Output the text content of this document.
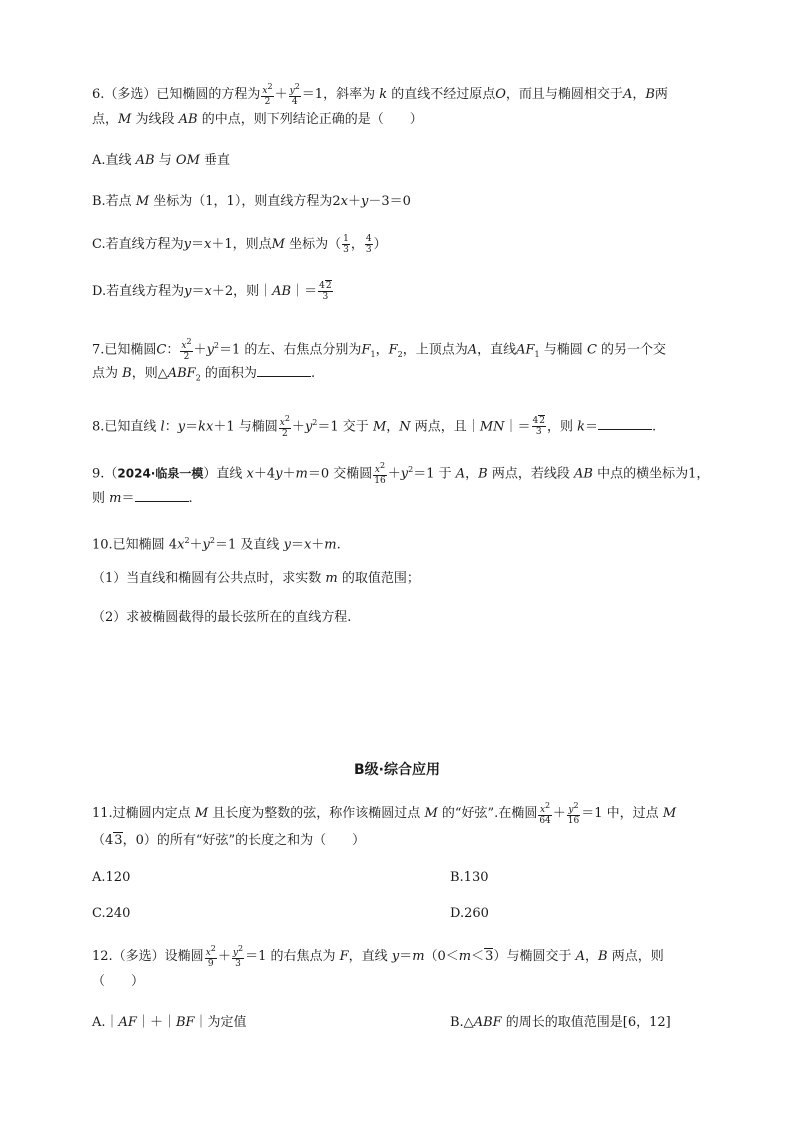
6.（多选）已知椭圆的方程为 $\frac{x^2}{2} + \frac{y^2}{4} =1$，斜率为 k 的直线不经过原点O，而且与椭圆相交于A，B两
点，M 为线段 AB 的中点，则下列结论正确的是（　　）
A.直线 AB 与 OM 垂直
B.若点 M 坐标为（1，1），则直线方程为2x＋y－3＝0
C.若直线方程为y＝x＋1，则点M 坐标为（ $\frac{1}{3}$ ， $\frac{4}{3}$ ）
D.若直线方程为y＝x＋2，则｜AB｜＝ $\frac{42}{3}$
7.已知椭圆C： $\frac{x^2}{2} +y^2=1$ 的左、右焦点分别为$F_1$，$F_2$，上顶点为A，直线$AF_1$ 与椭圆 C 的另一个交
点为 B，则$\triangle ABF_2$ 的面积为	.
8.已知直线 l：y＝kx＋1 与椭圆 $\frac{x^2}{2} +y^2=1$ 交于 M，N 两点，且｜MN｜＝ $\frac{42}{3}$ ，则 k＝	.
9.（2024·临泉一模）直线 x＋4y＋m＝0 交椭圆 $\frac{x^2}{16} +y^2=1$ 于 A，B 两点，若线段 AB 中点的横坐标为1，
则 m＝	.
10.已知椭圆 $4x^2+y^2=1$ 及直线 y＝x＋m.
（1）当直线和椭圆有公共点时，求实数 m 的取值范围；
（2）求被椭圆截得的最长弦所在的直线方程.
B级·综合应用
11.过椭圆内定点 M 且长度为整数的弦，称作该椭圆过点 M 的“好弦”.在椭圆 $\frac{x^2}{64} + \frac{y^2}{16} =1$ 中，过点 M
（43，0）的所有“好弦”的长度之和为（　　）
A.120	B.130
C.240	D.260
12.（多选）设椭圆 $\frac{x^2}{9} + \frac{y^2}{3} =1$ 的右焦点为 F，直线 y＝m（0＜m＜3）与椭圆交于 A，B 两点，则
（　　）
A.｜AF｜＋｜BF｜为定值	B.△ABF 的周长的取值范围是[6，12]
